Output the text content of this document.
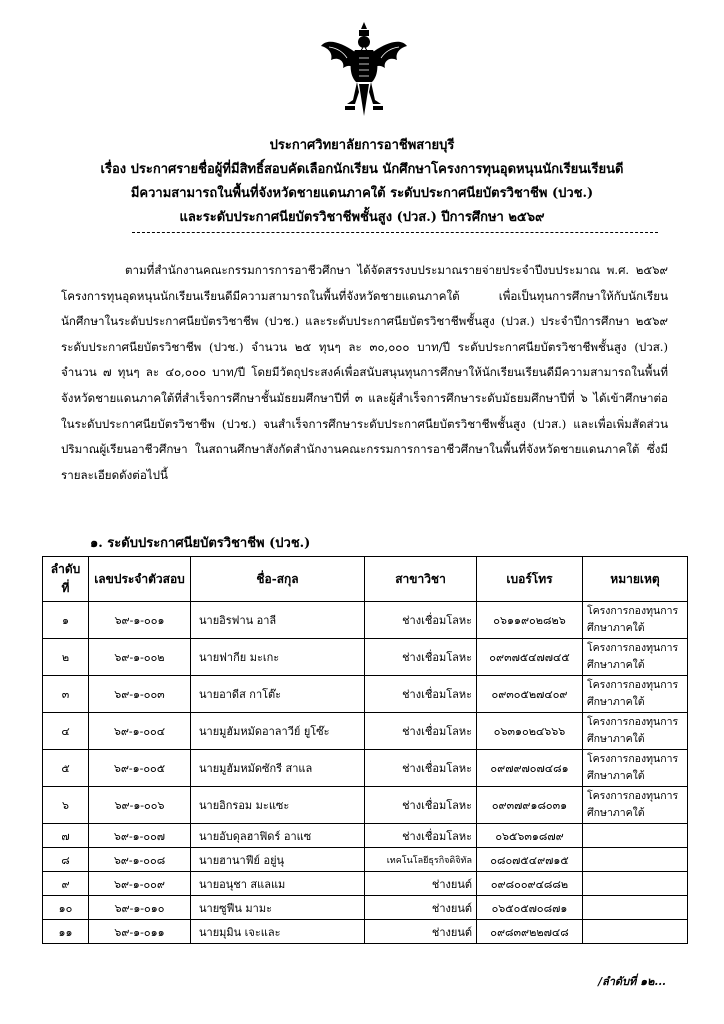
ประกาศวิทยาลัยการอาชีพสายบุรี
เรื่อง ประกาศรายชื่อผู้ที่มีสิทธิ์สอบคัดเลือกนักเรียน นักศึกษาโครงการทุนอุดหนุนนักเรียนเรียนดี
มีความสามารถในพื้นที่จังหวัดชายแดนภาคใต้ ระดับประกาศนียบัตรวิชาชีพ (ปวช.)
และระดับประกาศนียบัตรวิชาชีพชั้นสูง (ปวส.) ปีการศึกษา ๒๕๖๙

ตามที่สำนักงานคณะกรรมการการอาชีวศึกษา ได้จัดสรรงบประมาณรายจ่ายประจำปีงบประมาณ พ.ศ. ๒๕๖๙ โครงการทุนอุดหนุนนักเรียนเรียนดีมีความสามารถในพื้นที่จังหวัดชายแดนภาคใต้ เพื่อเป็นทุนการศึกษาให้กับนักเรียน นักศึกษาในระดับประกาศนียบัตรวิชาชีพ (ปวช.) และระดับประกาศนียบัตรวิชาชีพชั้นสูง (ปวส.) ประจำปีการศึกษา ๒๕๖๙ ระดับประกาศนียบัตรวิชาชีพ (ปวช.) จำนวน ๒๕ ทุนๆ ละ ๓๐,๐๐๐ บาท/ปี ระดับประกาศนียบัตรวิชาชีพชั้นสูง (ปวส.) จำนวน ๗ ทุนๆ ละ ๔๐,๐๐๐ บาท/ปี โดยมีวัตถุประสงค์เพื่อสนับสนุนทุนการศึกษาให้นักเรียนเรียนดีมีความสามารถในพื้นที่จังหวัดชายแดนภาคใต้ที่สำเร็จการศึกษาชั้นมัธยมศึกษาปีที่ ๓ และผู้สำเร็จการศึกษาระดับมัธยมศึกษาปีที่ ๖ ได้เข้าศึกษาต่อในระดับประกาศนียบัตรวิชาชีพ (ปวช.) จนสำเร็จการศึกษาระดับประกาศนียบัตรวิชาชีพชั้นสูง (ปวส.) และเพื่อเพิ่มสัดส่วนปริมาณผู้เรียนอาชีวศึกษา ในสถานศึกษาสังกัดสำนักงานคณะกรรมการการอาชีวศึกษาในพื้นที่จังหวัดชายแดนภาคใต้ ซึ่งมีรายละเอียดดังต่อไปนี้

๑. ระดับประกาศนียบัตรวิชาชีพ (ปวช.)
ลำดับที่	เลขประจำตัวสอบ	ชื่อ-สกุล	สาขาวิชา	เบอร์โทร	หมายเหตุ
๑	๖๙-๑-๐๐๑	นายอิรฟาน อาลี	ช่างเชื่อมโลหะ	๐๖๑๑๙๐๒๘๒๖	โครงการกองทุนการศึกษาภาคใต้
๒	๖๙-๑-๐๐๒	นายฟากีย มะเกะ	ช่างเชื่อมโลหะ	๐๙๓๗๕๔๗๗๔๕	โครงการกองทุนการศึกษาภาคใต้
๓	๖๙-๑-๐๐๓	นายอาดีส กาโต๊ะ	ช่างเชื่อมโลหะ	๐๙๓๐๕๒๗๔๐๙	โครงการกองทุนการศึกษาภาคใต้
๔	๖๙-๑-๐๐๔	นายมูฮัมหมัดอาลาวีย์ ยูโซ๊ะ	ช่างเชื่อมโลหะ	๐๖๓๑๐๒๔๖๖๖	โครงการกองทุนการศึกษาภาคใต้
๕	๖๙-๑-๐๐๕	นายมูฮัมหมัดซักรี สาแล	ช่างเชื่อมโลหะ	๐๙๗๙๗๐๗๔๘๑	โครงการกองทุนการศึกษาภาคใต้
๖	๖๙-๑-๐๐๖	นายอิกรอม มะแซะ	ช่างเชื่อมโลหะ	๐๙๓๗๙๑๘๐๓๑	โครงการกองทุนการศึกษาภาคใต้
๗	๖๙-๑-๐๐๗	นายอับดุลฮาฟิดร์ อาแซ	ช่างเชื่อมโลหะ	๐๖๕๖๓๑๘๗๙	
๘	๖๙-๑-๐๐๘	นายฮานาฟีย์ อยู่นุ	เทคโนโลยีธุรกิจดิจิทัล	๐๘๐๗๕๔๙๗๑๕	
๙	๖๙-๑-๐๐๙	นายอนุชา สแลแม	ช่างยนต์	๐๙๘๐๐๙๔๘๘๒	
๑๐	๖๙-๑-๐๑๐	นายซูฟีน มามะ	ช่างยนต์	๐๖๕๐๕๗๐๘๗๑	
๑๑	๖๙-๑-๐๑๑	นายมุมิน เจะและ	ช่างยนต์	๐๙๘๓๙๒๒๗๔๘	
/ลำดับที่ ๑๒...
